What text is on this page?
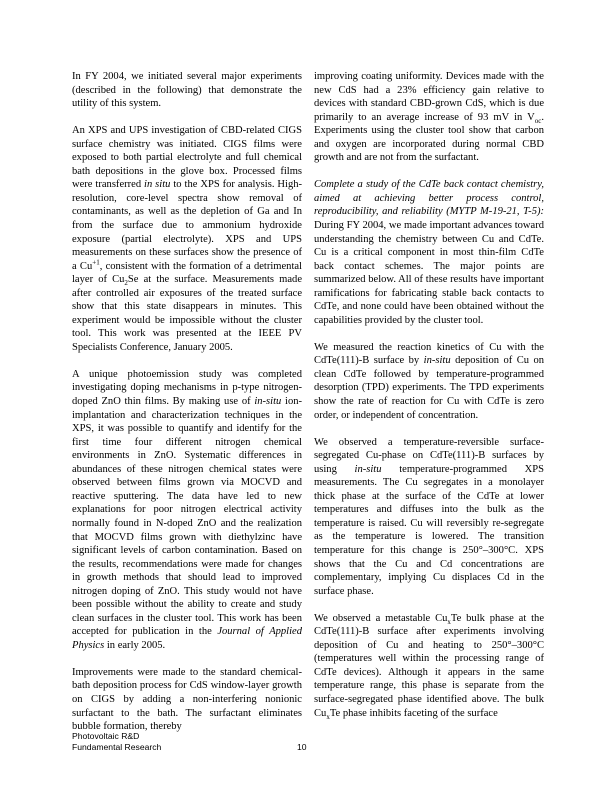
In FY 2004, we initiated several major experiments (described in the following) that demonstrate the utility of this system.

An XPS and UPS investigation of CBD-related CIGS surface chemistry was initiated. CIGS films were exposed to both partial electrolyte and full chemical bath depositions in the glove box. Processed films were transferred in situ to the XPS for analysis. High-resolution, core-level spectra show removal of contaminants, as well as the depletion of Ga and In from the surface due to ammonium hydroxide exposure (partial electrolyte). XPS and UPS measurements on these surfaces show the presence of a $Cu^{+1}$, consistent with the formation of a detrimental layer of $Cu_2Se$ at the surface. Measurements made after controlled air exposures of the treated surface show that this state disappears in minutes. This experiment would be impossible without the cluster tool. This work was presented at the IEEE PV Specialists Conference, January 2005.

A unique photoemission study was completed investigating doping mechanisms in p-type nitrogen-doped ZnO thin films. By making use of in-situ ion-implantation and characterization techniques in the XPS, it was possible to quantify and identify for the first time four different nitrogen chemical environments in ZnO. Systematic differences in abundances of these nitrogen chemical states were observed between films grown via MOCVD and reactive sputtering. The data have led to new explanations for poor nitrogen electrical activity normally found in N-doped ZnO and the realization that MOCVD films grown with diethylzinc have significant levels of carbon contamination. Based on the results, recommendations were made for changes in growth methods that should lead to improved nitrogen doping of ZnO. This study would not have been possible without the ability to create and study clean surfaces in the cluster tool. This work has been accepted for publication in the Journal of Applied Physics in early 2005.

Improvements were made to the standard chemical-bath deposition process for CdS window-layer growth on CIGS by adding a non-interfering nonionic surfactant to the bath. The surfactant eliminates bubble formation, thereby

improving coating uniformity. Devices made with the new CdS had a 23% efficiency gain relative to devices with standard CBD-grown CdS, which is due primarily to an average increase of 93 mV in $V_{oc}$. Experiments using the cluster tool show that carbon and oxygen are incorporated during normal CBD growth and are not from the surfactant.

Complete a study of the CdTe back contact chemistry, aimed at achieving better process control, reproducibility, and reliability (MYTP M-19-21, T-5): During FY 2004, we made important advances toward understanding the chemistry between Cu and CdTe. Cu is a critical component in most thin-film CdTe back contact schemes. The major points are summarized below. All of these results have important ramifications for fabricating stable back contacts to CdTe, and none could have been obtained without the capabilities provided by the cluster tool.

We measured the reaction kinetics of Cu with the CdTe(111)-B surface by in-situ deposition of Cu on clean CdTe followed by temperature-programmed desorption (TPD) experiments. The TPD experiments show the rate of reaction for Cu with CdTe is zero order, or independent of concentration.

We observed a temperature-reversible surface-segregated Cu-phase on CdTe(111)-B surfaces by using in-situ temperature-programmed XPS measurements. The Cu segregates in a monolayer thick phase at the surface of the CdTe at lower temperatures and diffuses into the bulk as the temperature is raised. Cu will reversibly re-segregate as the temperature is lowered. The transition temperature for this change is 250°–300°C. XPS shows that the Cu and Cd concentrations are complementary, implying Cu displaces Cd in the surface phase.

We observed a metastable $Cu_xTe$ bulk phase at the CdTe(111)-B surface after experiments involving deposition of Cu and heating to 250°–300°C (temperatures well within the processing range of CdTe devices). Although it appears in the same temperature range, this phase is separate from the surface-segregated phase identified above. The bulk $Cu_xTe$ phase inhibits faceting of the surface

Photovoltaic R&D
Fundamental Research	10
